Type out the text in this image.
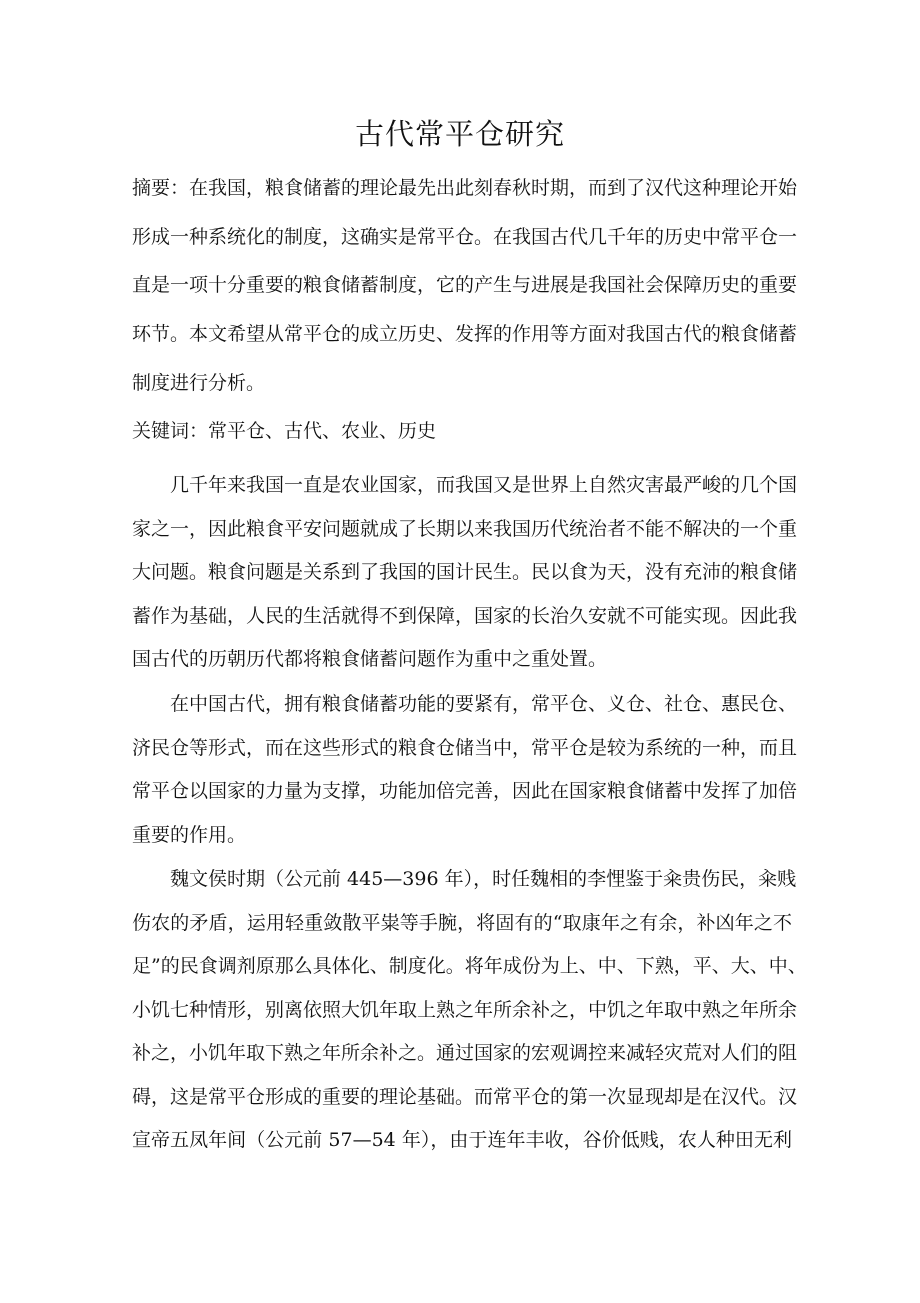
古代常平仓研究
摘要：在我国，粮食储蓄的理论最先出此刻春秋时期，而到了汉代这种理论开始
形成一种系统化的制度，这确实是常平仓。在我国古代几千年的历史中常平仓一
直是一项十分重要的粮食储蓄制度，它的产生与进展是我国社会保障历史的重要
环节。本文希望从常平仓的成立历史、发挥的作用等方面对我国古代的粮食储蓄
制度进行分析。
关键词：常平仓、古代、农业、历史
几千年来我国一直是农业国家，而我国又是世界上自然灾害最严峻的几个国
家之一，因此粮食平安问题就成了长期以来我国历代统治者不能不解决的一个重
大问题。粮食问题是关系到了我国的国计民生。民以食为天，没有充沛的粮食储
蓄作为基础，人民的生活就得不到保障，国家的长治久安就不可能实现。因此我
国古代的历朝历代都将粮食储蓄问题作为重中之重处置。
在中国古代，拥有粮食储蓄功能的要紧有，常平仓、义仓、社仓、惠民仓、
济民仓等形式，而在这些形式的粮食仓储当中，常平仓是较为系统的一种，而且
常平仓以国家的力量为支撑，功能加倍完善，因此在国家粮食储蓄中发挥了加倍
重要的作用。
魏文侯时期（公元前 445—396 年），时任魏相的李悝鉴于籴贵伤民，籴贱
伤农的矛盾，运用轻重敛散平粜等手腕，将固有的“取康年之有余，补凶年之不
足”的民食调剂原那么具体化、制度化。将年成份为上、中、下熟，平、大、中、
小饥七种情形，别离依照大饥年取上熟之年所余补之，中饥之年取中熟之年所余
补之，小饥年取下熟之年所余补之。通过国家的宏观调控来减轻灾荒对人们的阻
碍，这是常平仓形成的重要的理论基础。而常平仓的第一次显现却是在汉代。汉
宣帝五凤年间（公元前 57—54 年），由于连年丰收，谷价低贱，农人种田无利
